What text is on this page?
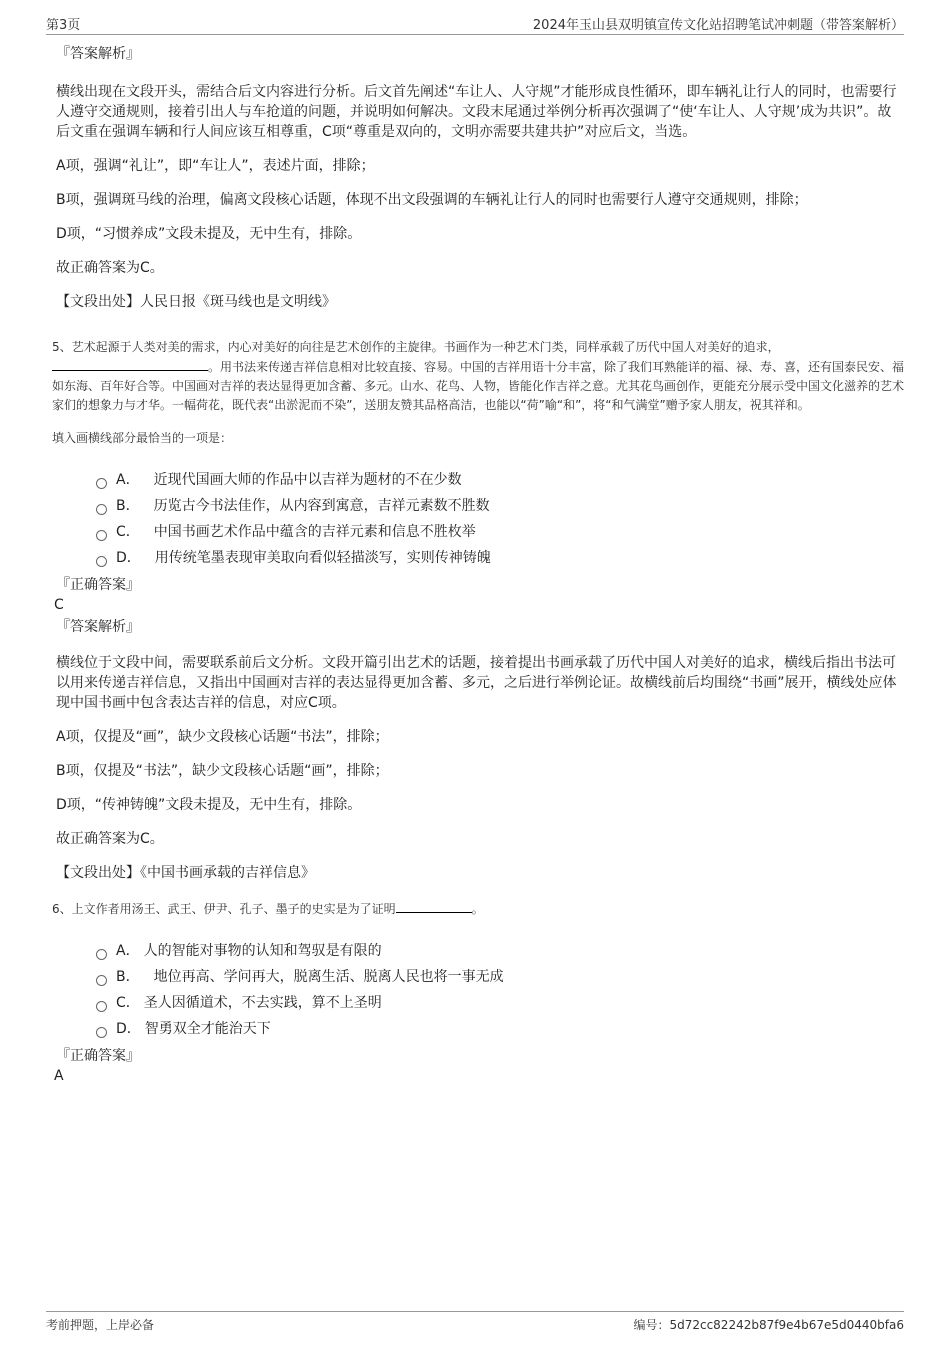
第3页	2024年玉山县双明镇宣传文化站招聘笔试冲刺题（带答案解析）
『答案解析』

横线出现在文段开头，需结合后文内容进行分析。后文首先阐述“车让人、人守规”才能形成良性循环，即车辆礼让行人的同时，也需要行人遵守交通规则，接着引出人与车抢道的问题，并说明如何解决。文段末尾通过举例分析再次强调了“使‘车让人、人守规’成为共识”。故后文重在强调车辆和行人间应该互相尊重，C项“尊重是双向的，文明亦需要共建共护”对应后文，当选。

A项，强调“礼让”，即“车让人”，表述片面，排除；

B项，强调斑马线的治理，偏离文段核心话题，体现不出文段强调的车辆礼让行人的同时也需要行人遵守交通规则，排除；

D项，“习惯养成”文段未提及，无中生有，排除。

故正确答案为C。

【文段出处】人民日报《斑马线也是文明线》

5、艺术起源于人类对美的需求，内心对美好的向往是艺术创作的主旋律。书画作为一种艺术门类，同样承载了历代中国人对美好的追求，
。用书法来传递吉祥信息相对比较直接、容易。中国的吉祥用语十分丰富，除了我们耳熟能详的福、禄、寿、喜，还有国泰民安、福如东海、百年好合等。中国画对吉祥的表达显得更加含蓄、多元。山水、花鸟、人物，皆能化作吉祥之意。尤其花鸟画创作，更能充分展示受中国文化滋养的艺术家们的想象力与才华。一幅荷花，既代表“出淤泥而不染”，送朋友赞其品格高洁，也能以“荷”喻“和”，将“和气满堂”赠予家人朋友，祝其祥和。

填入画横线部分最恰当的一项是：

A． 近现代国画大师的作品中以吉祥为题材的不在少数
B． 历览古今书法佳作，从内容到寓意，吉祥元素数不胜数
C． 中国书画艺术作品中蕴含的吉祥元素和信息不胜枚举
D． 用传统笔墨表现审美取向看似轻描淡写，实则传神铸魄

『正确答案』

C

『答案解析』

横线位于文段中间，需要联系前后文分析。文段开篇引出艺术的话题，接着提出书画承载了历代中国人对美好的追求，横线后指出书法可以用来传递吉祥信息，又指出中国画对吉祥的表达显得更加含蓄、多元，之后进行举例论证。故横线前后均围绕“书画”展开，横线处应体现中国书画中包含表达吉祥的信息，对应C项。

A项，仅提及“画”，缺少文段核心话题“书法”，排除；

B项，仅提及“书法”，缺少文段核心话题“画”，排除；

D项，“传神铸魄”文段未提及，无中生有，排除。

故正确答案为C。

【文段出处】《中国书画承载的吉祥信息》

6、上文作者用汤王、武王、伊尹、孔子、墨子的史实是为了证明	。

A． 人的智能对事物的认知和驾驭是有限的
B． 地位再高、学问再大，脱离生活、脱离人民也将一事无成
C． 圣人因循道术，不去实践，算不上圣明
D． 智勇双全才能治天下

『正确答案』

A

考前押题，上岸必备	编号：5d72cc82242b87f9e4b67e5d0440bfa6
